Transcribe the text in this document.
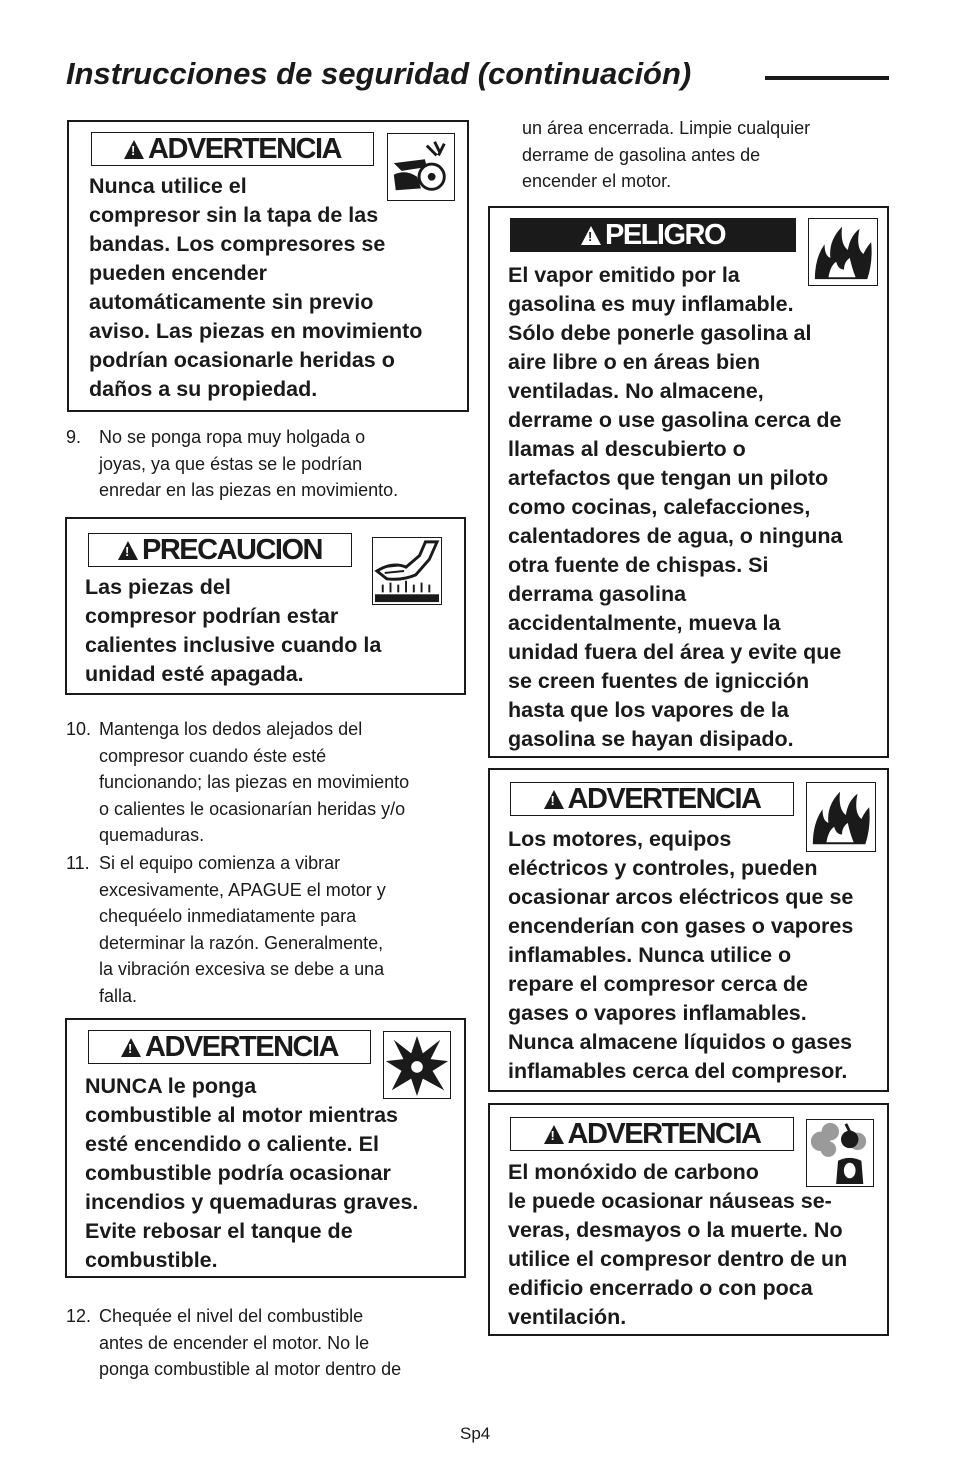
Instrucciones de seguridad (continuación)
!
ADVERTENCIA

Nunca utilice el
compresor sin la tapa de las
bandas. Los compresores se
pueden encender
automáticamente sin previo
aviso. Las piezas en movimiento
podrían ocasionarle heridas o
daños a su propiedad.

9. No se ponga ropa muy holgada o
joyas, ya que éstas se le podrían
enredar en las piezas en movimiento.
!
PRECAUCION

Las piezas del
compresor podrían estar
calientes inclusive cuando la
unidad esté apagada.

10. Mantenga los dedos alejados del
compresor cuando éste esté
funcionando; las piezas en movimiento
o calientes le ocasionarían heridas y/o
quemaduras.
11. Si el equipo comienza a vibrar
excesivamente, APAGUE el motor y
chequéelo inmediatamente para
determinar la razón. Generalmente,
la vibración excesiva se debe a una
falla.
!
ADVERTENCIA

NUNCA le ponga
combustible al motor mientras
esté encendido o caliente. El
combustible podría ocasionar
incendios y quemaduras graves.
Evite rebosar el tanque de
combustible.

12. Chequée el nivel del combustible
antes de encender el motor. No le
ponga combustible al motor dentro de

un área encerrada. Limpie cualquier
derrame de gasolina antes de
encender el motor.

!
PELIGRO

El vapor emitido por la
gasolina es muy inflamable.
Sólo debe ponerle gasolina al
aire libre o en áreas bien
ventiladas. No almacene,
derrame o use gasolina cerca de
llamas al descubierto o
artefactos que tengan un piloto
como cocinas, calefacciones,
calentadores de agua, o ninguna
otra fuente de chispas. Si
derrama gasolina
accidentalmente, mueva la
unidad fuera del área y evite que
se creen fuentes de ignicción
hasta que los vapores de la
gasolina se hayan disipado.

!
ADVERTENCIA

Los motores, equipos
eléctricos y controles, pueden
ocasionar arcos eléctricos que se
encenderían con gases o vapores
inflamables. Nunca utilice o
repare el compresor cerca de
gases o vapores inflamables.
Nunca almacene líquidos o gases
inflamables cerca del compresor.

!
ADVERTENCIA

El monóxido de carbono
le puede ocasionar náuseas se-
veras, desmayos o la muerte. No
utilice el compresor dentro de un
edificio encerrado o con poca
ventilación.

Sp4
